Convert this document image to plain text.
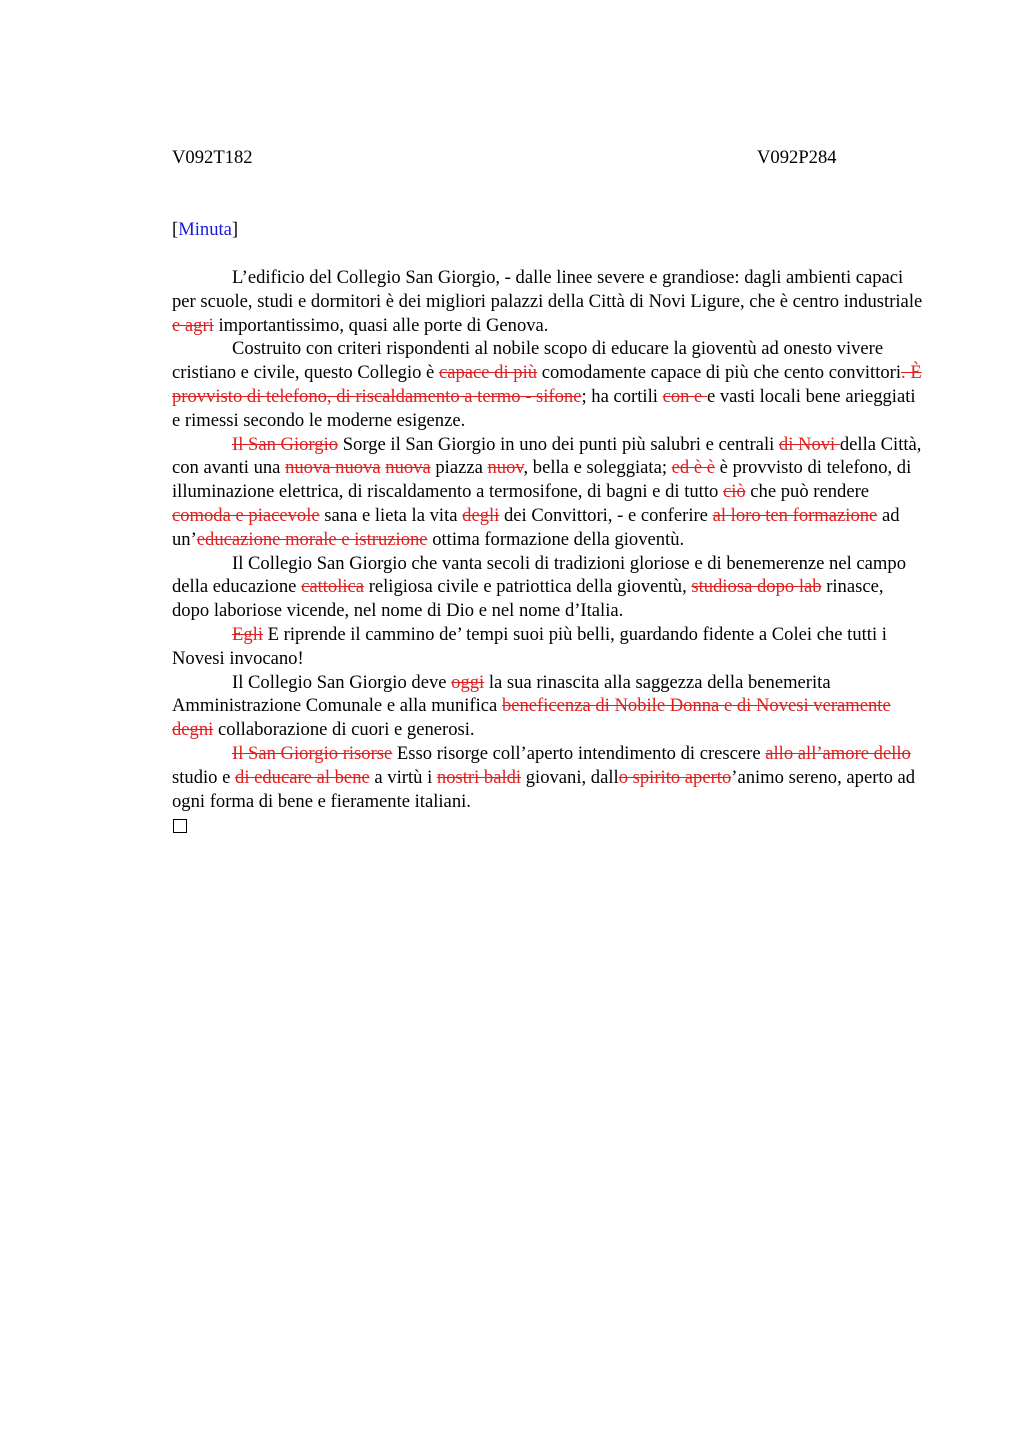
V092T182	V092P284
[Minuta]

L’edificio del Collegio San Giorgio, - dalle linee severe e grandiose: dagli ambienti capaci per scuole, studi e dormitori è dei migliori palazzi della Città di Novi Ligure, che è centro industriale e agri importantissimo, quasi alle porte di Genova.

Costruito con criteri rispondenti al nobile scopo di educare la gioventù ad onesto vivere cristiano e civile, questo Collegio è capace di più comodamente capace di più che cento convittori. È provvisto di telefono, di riscaldamento a termo - sifone; ha cortili con e e vasti locali bene arieggiati e rimessi secondo le moderne esigenze.

Il San Giorgio Sorge il San Giorgio in uno dei punti più salubri e centrali di Novi della Città, con avanti una nuova nuova nuova piazza nuov, bella e soleggiata; ed è è è provvisto di telefono, di illuminazione elettrica, di riscaldamento a termosifone, di bagni e di tutto ciò che può rendere comoda e piacevole sana e lieta la vita degli dei Convittori, - e conferire al loro ten formazione ad un’educazione morale e istruzione ottima formazione della gioventù.

Il Collegio San Giorgio che vanta secoli di tradizioni gloriose e di benemerenze nel campo della educazione cattolica religiosa civile e patriottica della gioventù, studiosa dopo lab rinasce, dopo laboriose vicende, nel nome di Dio e nel nome d’Italia.

Egli E riprende il cammino de’ tempi suoi più belli, guardando fidente a Colei che tutti i Novesi invocano!

Il Collegio San Giorgio deve oggi la sua rinascita alla saggezza della benemerita Amministrazione Comunale e alla munifica beneficenza di Nobile Donna e di Novesi veramente degni collaborazione di cuori e generosi.

Il San Giorgio risorse Esso risorge coll’aperto intendimento di crescere allo all’amore dello studio e di educare al bene a virtù i nostri baldi giovani, dallo spirito aperto’animo sereno, aperto ad ogni forma di bene e fieramente italiani.
